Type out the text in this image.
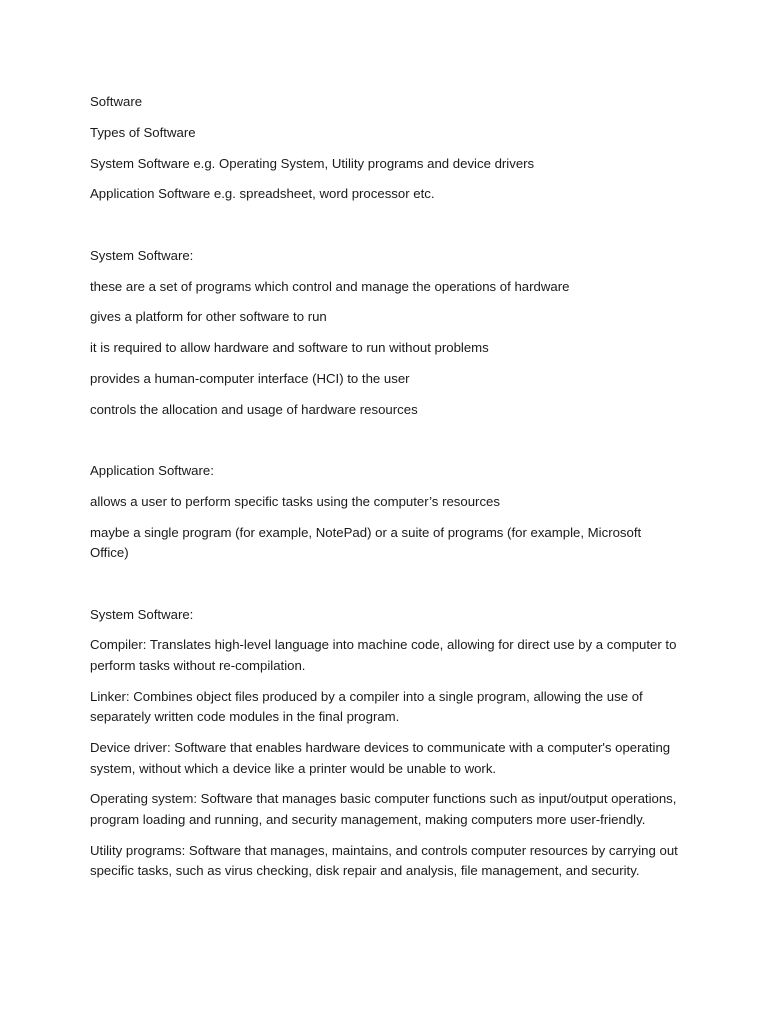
Software

Types of Software

System Software e.g. Operating System, Utility programs and device drivers

Application Software e.g. spreadsheet, word processor etc.

System Software:

these are a set of programs which control and manage the operations of hardware

gives a platform for other software to run

it is required to allow hardware and software to run without problems

provides a human-computer interface (HCI) to the user

controls the allocation and usage of hardware resources

Application Software:

allows a user to perform specific tasks using the computer’s resources

maybe a single program (for example, NotePad) or a suite of programs (for example, Microsoft Office)

System Software:

Compiler: Translates high-level language into machine code, allowing for direct use by a computer to perform tasks without re-compilation.

Linker: Combines object files produced by a compiler into a single program, allowing the use of separately written code modules in the final program.

Device driver: Software that enables hardware devices to communicate with a computer's operating system, without which a device like a printer would be unable to work.

Operating system: Software that manages basic computer functions such as input/output operations, program loading and running, and security management, making computers more user-friendly.

Utility programs: Software that manages, maintains, and controls computer resources by carrying out specific tasks, such as virus checking, disk repair and analysis, file management, and security.
